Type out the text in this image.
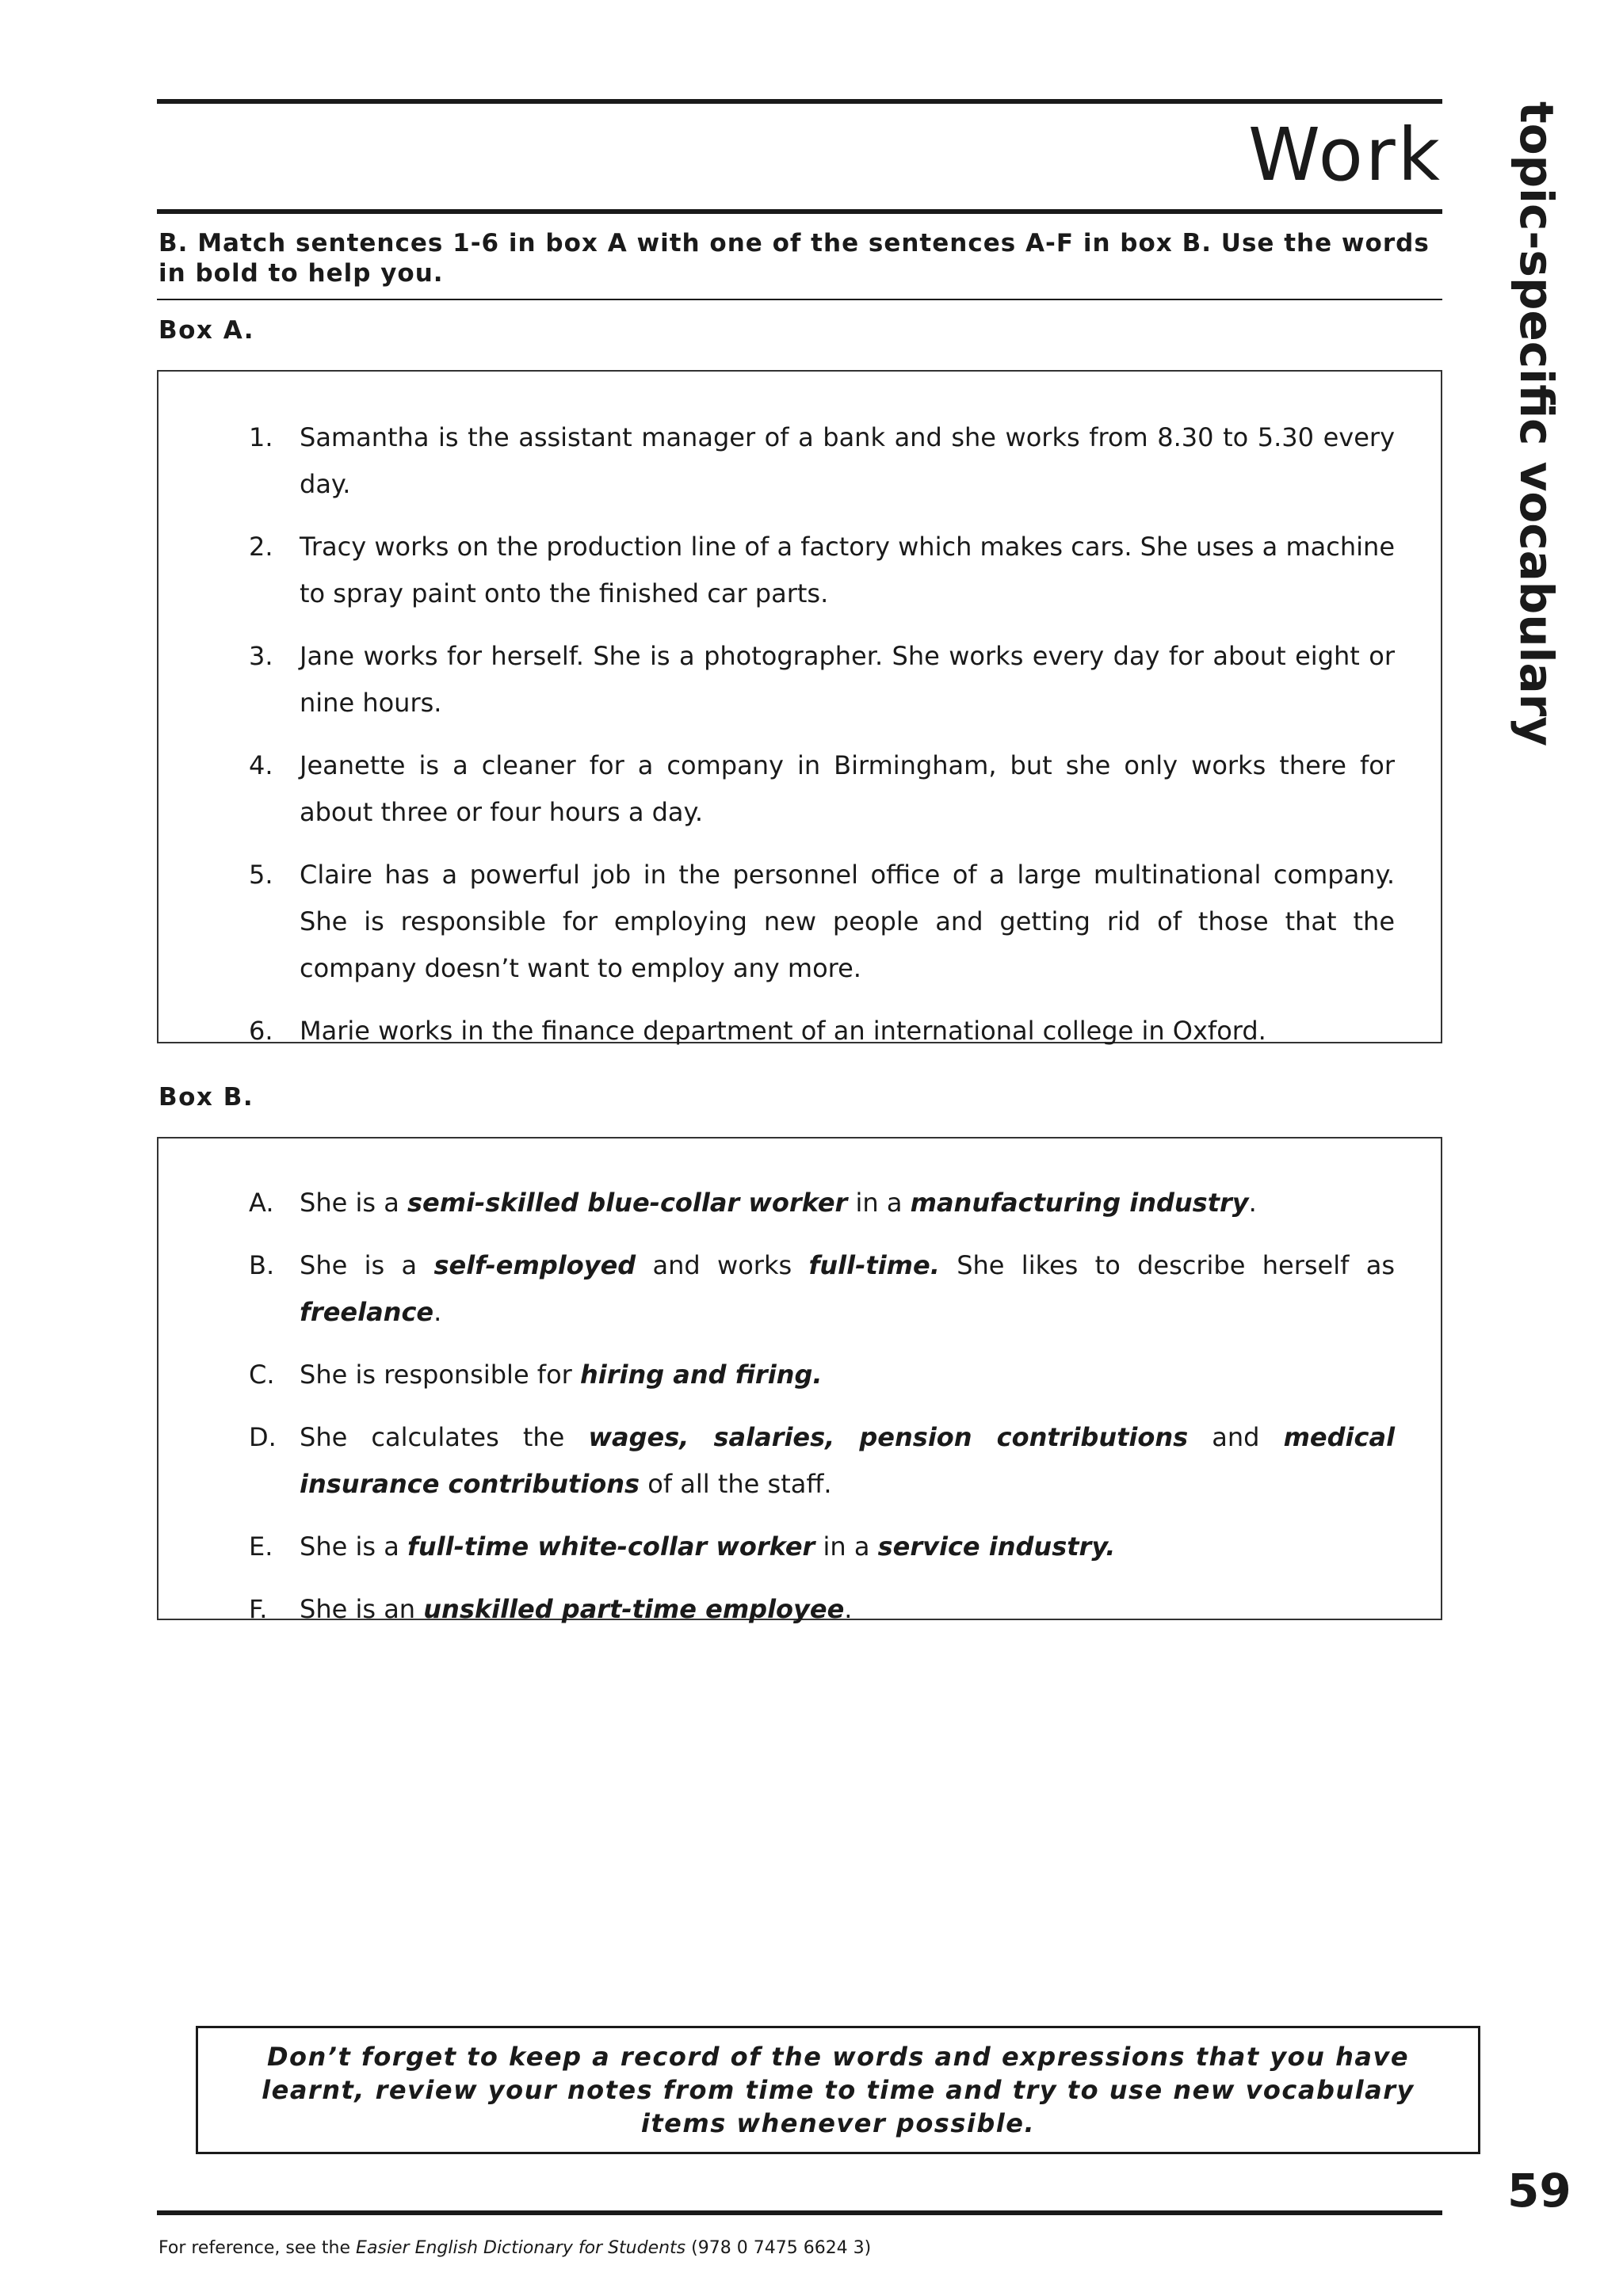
Work topic-specific vocabulary
B. Match sentences 1-6 in box A with one of the sentences A-F in box B. Use the words in bold to help you.
Box A.
1. Samantha is the assistant manager of a bank and she works from 8.30 to 5.30 every day.
2. Tracy works on the production line of a factory which makes cars. She uses a machine to spray paint onto the finished car parts.
3. Jane works for herself. She is a photographer. She works every day for about eight or nine hours.
4. Jeanette is a cleaner for a company in Birmingham, but she only works there for about three or four hours a day.
5. Claire has a powerful job in the personnel office of a large multinational company. She is responsible for employing new people and getting rid of those that the company doesn’t want to employ any more.
6. Marie works in the finance department of an international college in Oxford.
Box B.
A. She is a semi-skilled blue-collar worker in a manufacturing industry.
B. She is a self-employed and works full-time. She likes to describe herself as freelance.
C. She is responsible for hiring and firing.
D. She calculates the wages, salaries, pension contributions and medical insurance contributions of all the staff.
E. She is a full-time white-collar worker in a service industry.
F. She is an unskilled part-time employee.
Don’t forget to keep a record of the words and expressions that you have learnt, review your notes from time to time and try to use new vocabulary items whenever possible.
59
For reference, see the Easier English Dictionary for Students (978 0 7475 6624 3)
